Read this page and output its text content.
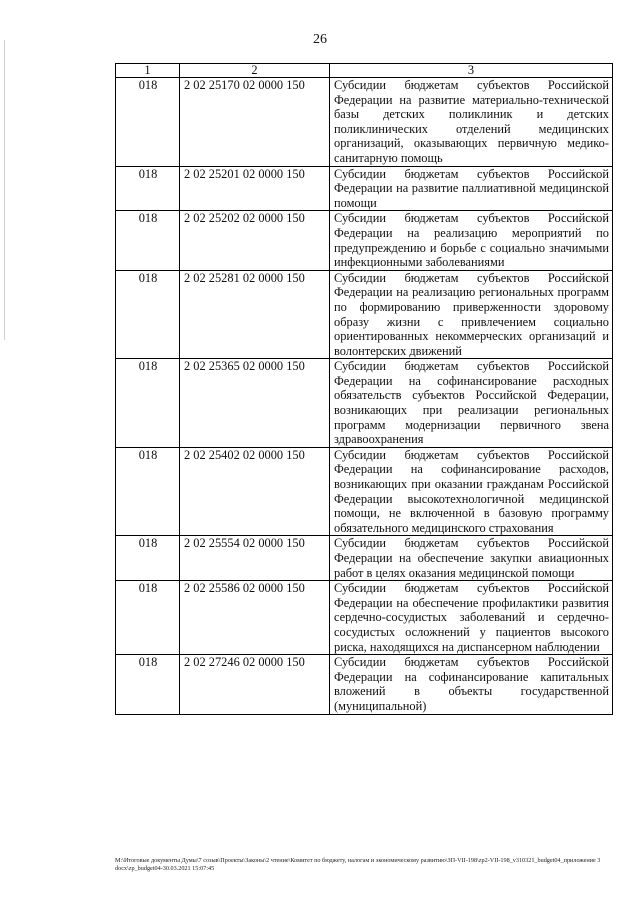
26
1	2	3
018	2 02 25170 02 0000 150	Субсидии бюджетам субъектов Российской Федерации на развитие материально-технической базы детских поликлиник и детских поликлинических отделений медицинских организаций, оказывающих первичную медико-санитарную помощь
018	2 02 25201 02 0000 150	Субсидии бюджетам субъектов Российской Федерации на развитие паллиативной медицинской помощи
018	2 02 25202 02 0000 150	Субсидии бюджетам субъектов Российской Федерации на реализацию мероприятий по предупреждению и борьбе с социально значимыми инфекционными заболеваниями
018	2 02 25281 02 0000 150	Субсидии бюджетам субъектов Российской Федерации на реализацию региональных программ по формированию приверженности здоровому образу жизни с привлечением социально ориентированных некоммерческих организаций и волонтерских движений
018	2 02 25365 02 0000 150	Субсидии бюджетам субъектов Российской Федерации на софинансирование расходных обязательств субъектов Российской Федерации, возникающих при реализации региональных программ модернизации первичного звена здравоохранения
018	2 02 25402 02 0000 150	Субсидии бюджетам субъектов Российской Федерации на софинансирование расходов, возникающих при оказании гражданам Российской Федерации высокотехнологичной медицинской помощи, не включенной в базовую программу обязательного медицинского страхования
018	2 02 25554 02 0000 150	Субсидии бюджетам субъектов Российской Федерации на обеспечение закупки авиационных работ в целях оказания медицинской помощи
018	2 02 25586 02 0000 150	Субсидии бюджетам субъектов Российской Федерации на обеспечение профилактики развития сердечно-сосудистых заболеваний и сердечно-сосудистых осложнений у пациентов высокого риска, находящихся на диспансерном наблюдении
018	2 02 27246 02 0000 150	Субсидии бюджетам субъектов Российской Федерации на софинансирование капитальных вложений в объекты государственной (муниципальной)
М:\Итоговые документы Думы\7 созыв\Проекты\Законы\2 чтение\Комитет по бюджету, налогам и экономическому развитию\ЗП-VII-198\zp2-VII-198_v310321_budget04_приложение 3 docx\zp_budget04-30.03.2021 15:07:45
